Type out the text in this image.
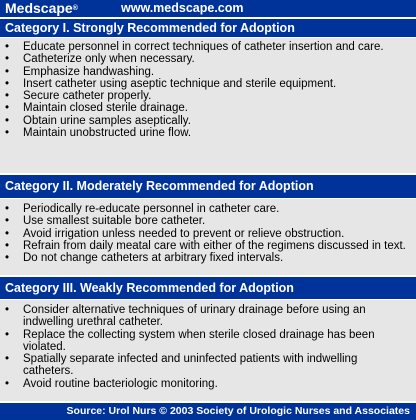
Medscape®	www.medscape.com
Category I. Strongly Recommended for Adoption
• Educate personnel in correct techniques of catheter insertion and care.
• Catheterize only when necessary.
• Emphasize handwashing.
• Insert catheter using aseptic technique and sterile equipment.
• Secure catheter properly.
• Maintain closed sterile drainage.
• Obtain urine samples aseptically.
• Maintain unobstructed urine flow.
Category II. Moderately Recommended for Adoption
• Periodically re-educate personnel in catheter care.
• Use smallest suitable bore catheter.
• Avoid irrigation unless needed to prevent or relieve obstruction.
• Refrain from daily meatal care with either of the regimens discussed in text.
• Do not change catheters at arbitrary fixed intervals.
Category III. Weakly Recommended for Adoption
• Consider alternative techniques of urinary drainage before using an indwelling urethral catheter.
• Replace the collecting system when sterile closed drainage has been violated.
• Spatially separate infected and uninfected patients with indwelling catheters.
• Avoid routine bacteriologic monitoring.
Source: Urol Nurs © 2003 Society of Urologic Nurses and Associates
